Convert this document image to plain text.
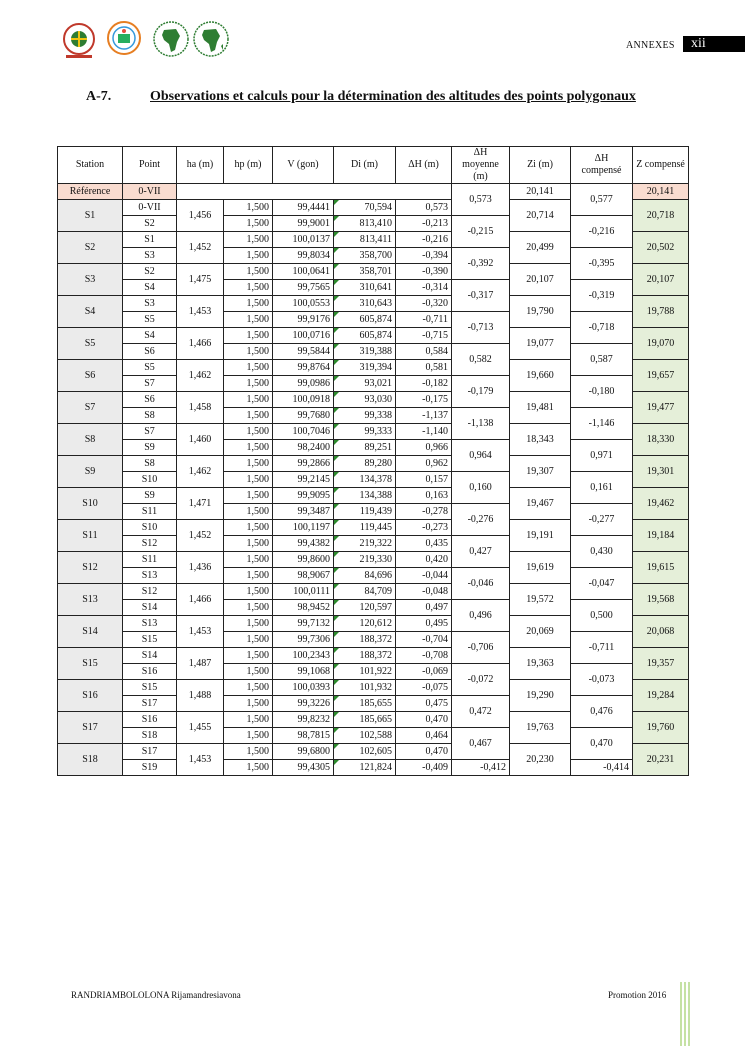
ANNEXES	xii
A-7.	Observations et calculs pour la détermination des altitudes des points polygonaux
Station	Point	ha (m)	hp (m)	V (gon)	Di (m)	ΔH (m)	ΔH moyenne (m)	Zi (m)	ΔH compensé	Z compensé
Référence	0-VII						0,573	20,141	0,577	20,141
S1	0-VII	1,456	1,500	99,4441	70,594	0,573		20,714		20,718
	S2		1,500	99,9001	813,410	-0,213	-0,215		-0,216	
S2	S1	1,452	1,500	100,0137	813,411	-0,216		20,499		20,502
	S3		1,500	99,8034	358,700	-0,394	-0,392		-0,395	
S3	S2	1,475	1,500	100,0641	358,701	-0,390		20,107		20,107
	S4		1,500	99,7565	310,641	-0,314	-0,317		-0,319	
S4	S3	1,453	1,500	100,0553	310,643	-0,320		19,790		19,788
	S5		1,500	99,9176	605,874	-0,711	-0,713		-0,718	
S5	S4	1,466	1,500	100,0716	605,874	-0,715		19,077		19,070
	S6		1,500	99,5844	319,388	0,584	0,582		0,587	
S6	S5	1,462	1,500	99,8764	319,394	0,581		19,660		19,657
	S7		1,500	99,0986	93,021	-0,182	-0,179		-0,180	
S7	S6	1,458	1,500	100,0918	93,030	-0,175		19,481		19,477
	S8		1,500	99,7680	99,338	-1,137	-1,138		-1,146	
S8	S7	1,460	1,500	100,7046	99,333	-1,140		18,343		18,330
	S9		1,500	98,2400	89,251	0,966	0,964		0,971	
S9	S8	1,462	1,500	99,2866	89,280	0,962		19,307		19,301
	S10		1,500	99,2145	134,378	0,157	0,160		0,161	
S10	S9	1,471	1,500	99,9095	134,388	0,163		19,467		19,462
	S11		1,500	99,3487	119,439	-0,278	-0,276		-0,277	
S11	S10	1,452	1,500	100,1197	119,445	-0,273		19,191		19,184
	S12		1,500	99,4382	219,322	0,435	0,427		0,430	
S12	S11	1,436	1,500	99,8600	219,330	0,420		19,619		19,615
	S13		1,500	98,9067	84,696	-0,044	-0,046		-0,047	
S13	S12	1,466	1,500	100,0111	84,709	-0,048		19,572		19,568
	S14		1,500	98,9452	120,597	0,497	0,496		0,500	
S14	S13	1,453	1,500	99,7132	120,612	0,495		20,069		20,068
	S15		1,500	99,7306	188,372	-0,704	-0,706		-0,711	
S15	S14	1,487	1,500	100,2343	188,372	-0,708		19,363		19,357
	S16		1,500	99,1068	101,922	-0,069	-0,072		-0,073	
S16	S15	1,488	1,500	100,0393	101,932	-0,075		19,290		19,284
	S17		1,500	99,3226	185,655	0,475	0,472		0,476	
S17	S16	1,455	1,500	99,8232	185,665	0,470		19,763		19,760
	S18		1,500	98,7815	102,588	0,464	0,467		0,470	
S18	S17	1,453	1,500	99,6800	102,605	0,470		20,230		20,231
	S19		1,500	99,4305	121,824	-0,409	-0,412		-0,414	
RANDRIAMBOLOLONA Rijamandresiavona	Promotion 2016
